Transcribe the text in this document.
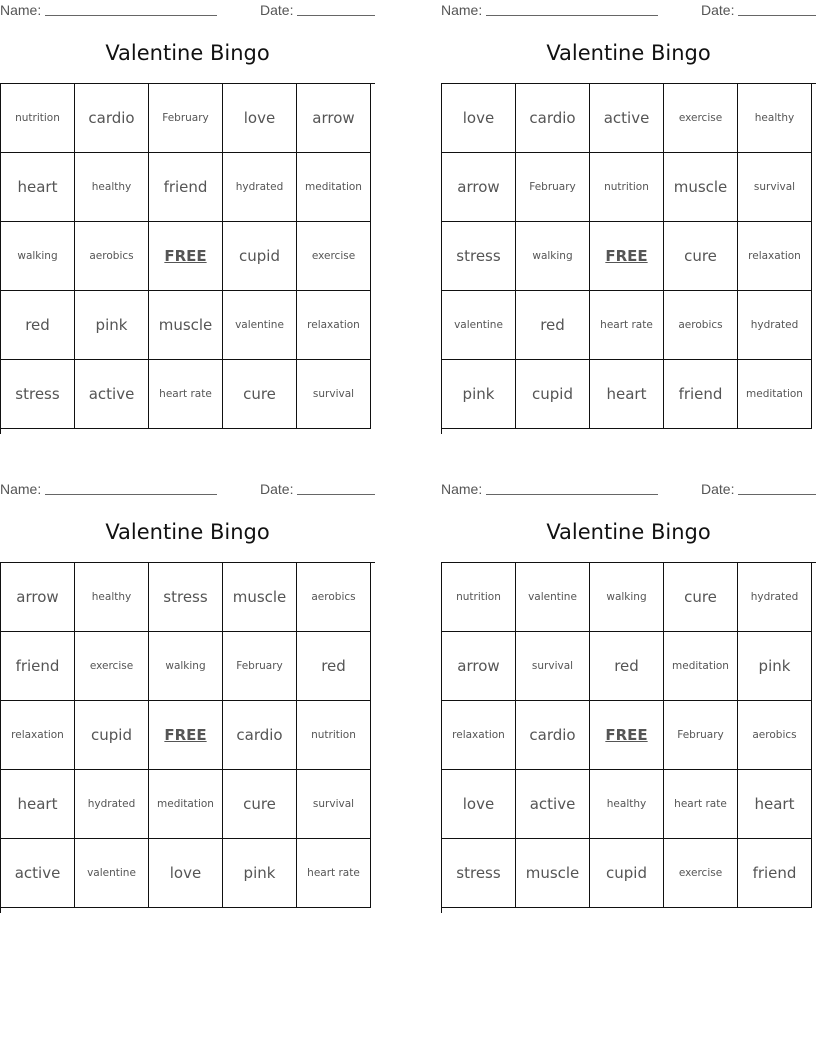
Name:	Date:
Valentine Bingo
nutrition	cardio	February	love	arrow
heart	healthy	friend	hydrated	meditation
walking	aerobics	FREE	cupid	exercise
red	pink	muscle	valentine	relaxation
stress	active	heart rate	cure	survival
Name:	Date:
Valentine Bingo
love	cardio	active	exercise	healthy
arrow	February	nutrition	muscle	survival
stress	walking	FREE	cure	relaxation
valentine	red	heart rate	aerobics	hydrated
pink	cupid	heart	friend	meditation
Name:	Date:
Valentine Bingo
arrow	healthy	stress	muscle	aerobics
friend	exercise	walking	February	red
relaxation	cupid	FREE	cardio	nutrition
heart	hydrated	meditation	cure	survival
active	valentine	love	pink	heart rate
Name:	Date:
Valentine Bingo
nutrition	valentine	walking	cure	hydrated
arrow	survival	red	meditation	pink
relaxation	cardio	FREE	February	aerobics
love	active	healthy	heart rate	heart
stress	muscle	cupid	exercise	friend
